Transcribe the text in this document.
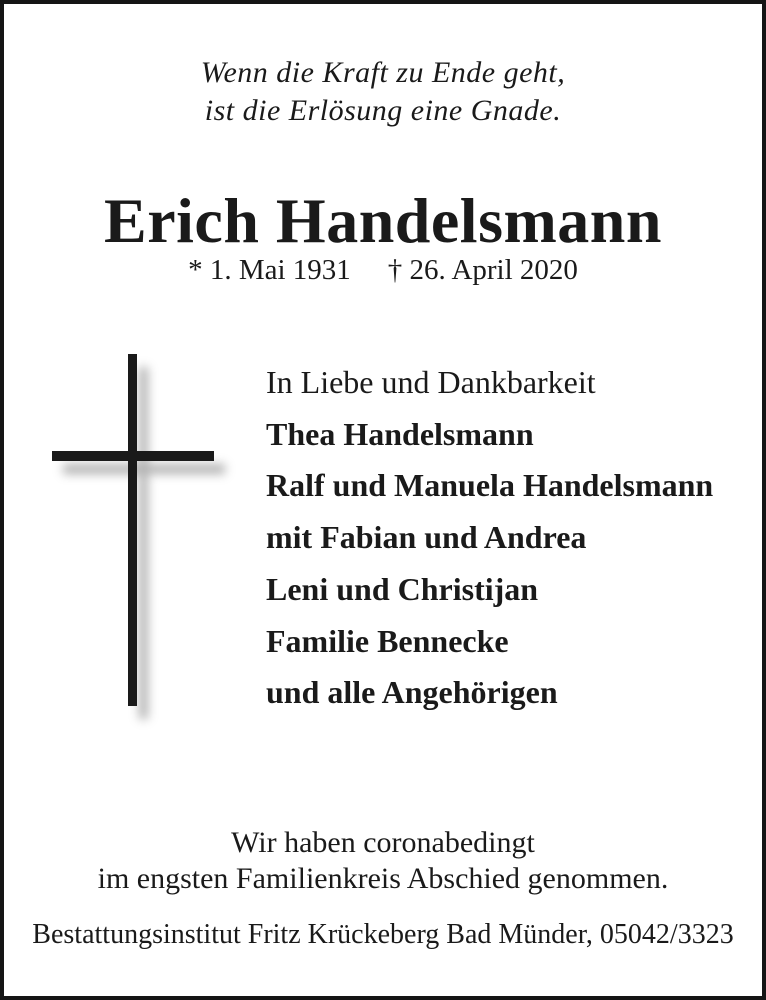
Wenn die Kraft zu Ende geht,
ist die Erlösung eine Gnade.
Erich Handelsmann
* 1. Mai 1931 † 26. April 2020
In Liebe und Dankbarkeit
Thea Handelsmann
Ralf und Manuela Handelsmann
mit Fabian und Andrea
Leni und Christijan
Familie Bennecke
und alle Angehörigen
Wir haben coronabedingt
im engsten Familienkreis Abschied genommen.
Bestattungsinstitut Fritz Krückeberg Bad Münder, 05042/3323
